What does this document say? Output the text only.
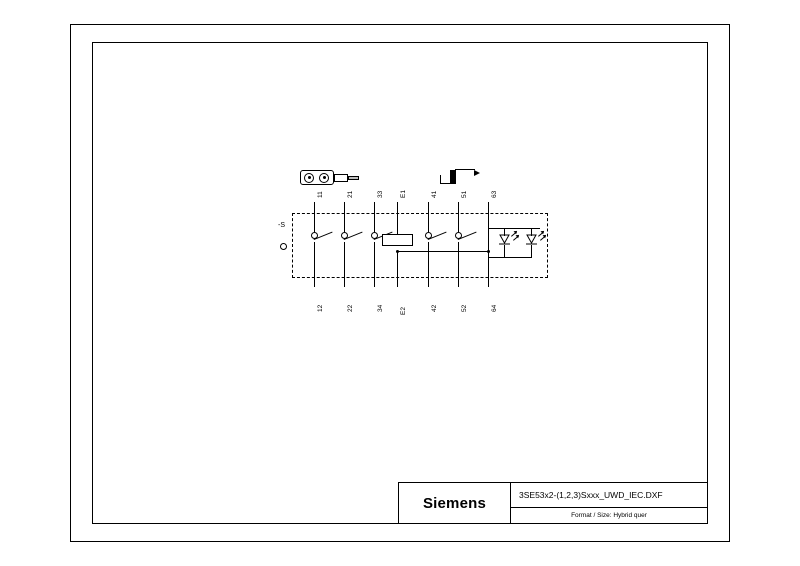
Siemens	3SE53x2-(1,2,3)Sxxx_UWD_IEC.DXF
Format / Size: Hybrid quer
-S
11	21	33 E1	41	51	63
12	22	34 E2	42	52	64
